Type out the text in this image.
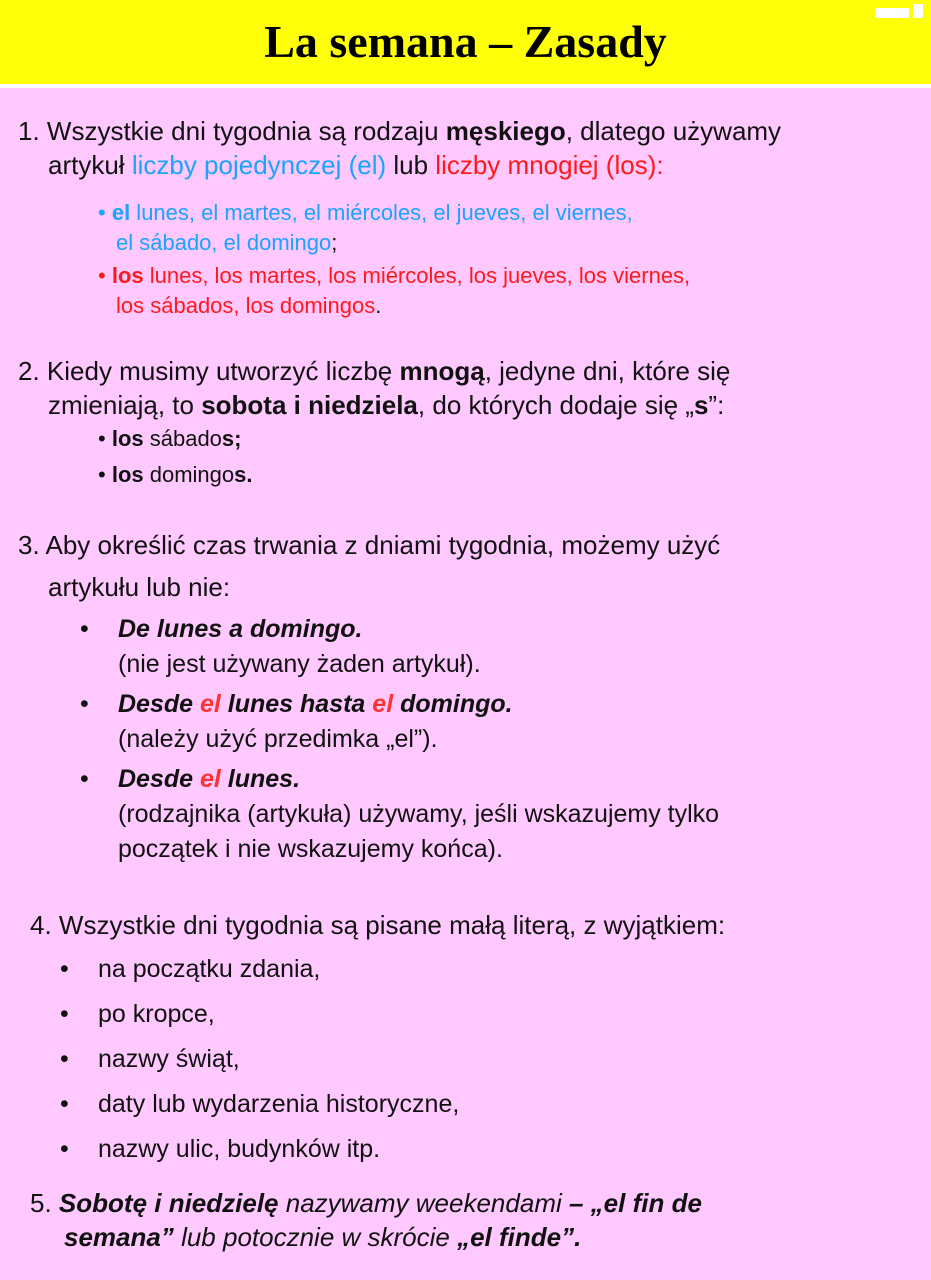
La semana – Zasady
1. Wszystkie dni tygodnia są rodzaju męskiego, dlatego używamy
artykuł liczby pojedynczej (el) lub liczby mnogiej (los):
• el lunes, el martes, el miércoles, el jueves, el viernes,
el sábado, el domingo;
• los lunes, los martes, los miércoles, los jueves, los viernes,
los sábados, los domingos.
2. Kiedy musimy utworzyć liczbę mnogą, jedyne dni, które się
zmieniają, to sobota i niedziela, do których dodaje się „s”:
• los sábados;
• los domingos.
3. Aby określić czas trwania z dniami tygodnia, możemy użyć
artykułu lub nie:
• De lunes a domingo.
(nie jest używany żaden artykuł).
• Desde el lunes hasta el domingo.
(należy użyć przedimka „el”).
• Desde el lunes.
(rodzajnika (artykuła) używamy, jeśli wskazujemy tylko
początek i nie wskazujemy końca).
4. Wszystkie dni tygodnia są pisane małą literą, z wyjątkiem:
• na początku zdania,
• po kropce,
• nazwy świąt,
• daty lub wydarzenia historyczne,
• nazwy ulic, budynków itp.
5. Sobotę i niedzielę nazywamy weekendami – „el fin de
semana” lub potocznie w skrócie „el finde”.
